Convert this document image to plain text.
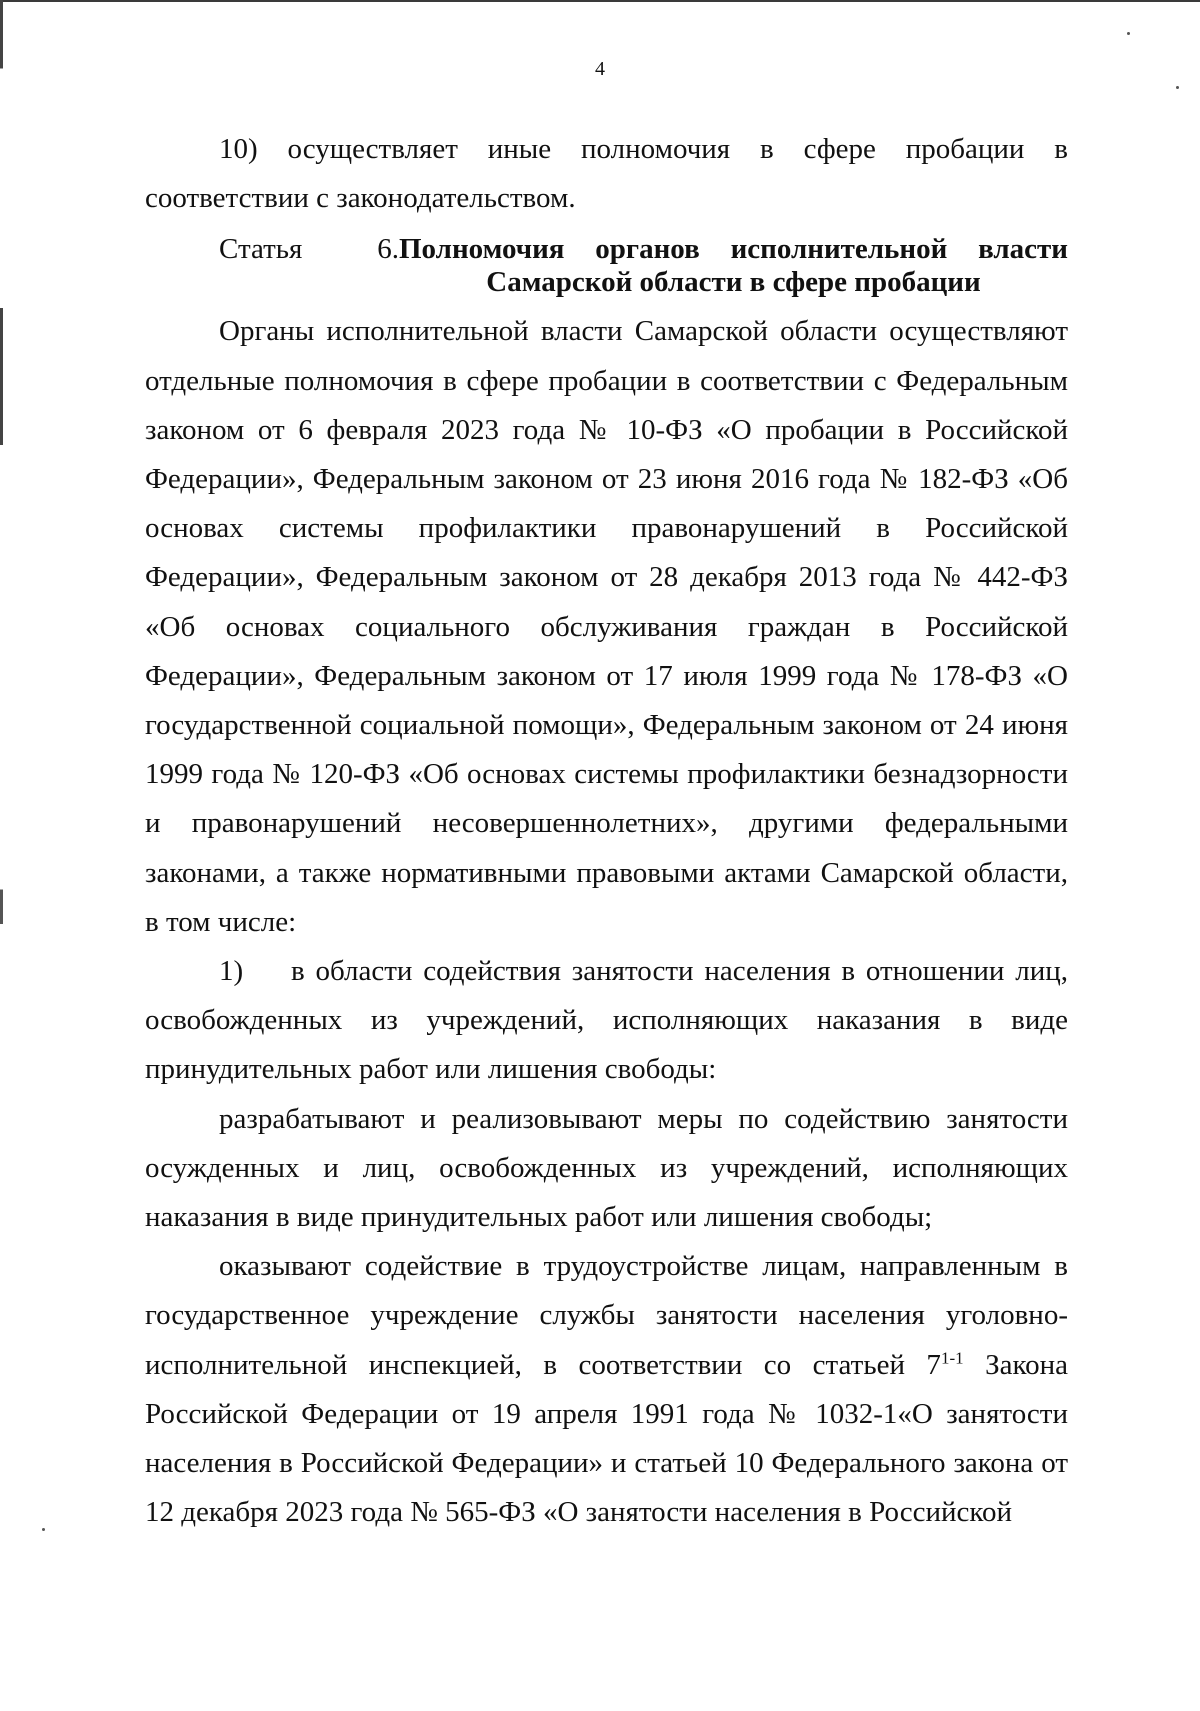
4

10) осуществляет иные полномочия в сфере пробации в соответствии с законодательством.

Статья	6. Полномочия органов исполнительной власти Самарской области в сфере пробации

Органы исполнительной власти Самарской области осуществляют отдельные полномочия в сфере пробации в соответствии с Федеральным законом от 6 февраля 2023 года № 10-ФЗ «О пробации в Российской Федерации», Федеральным законом от 23 июня 2016 года № 182-ФЗ «Об основах системы профилактики правонарушений в Российской Федерации», Федеральным законом от 28 декабря 2013 года № 442-ФЗ «Об основах социального обслуживания граждан в Российской Федерации», Федеральным законом от 17 июля 1999 года № 178-ФЗ «О государственной социальной помощи», Федеральным законом от 24 июня 1999 года № 120-ФЗ «Об основах системы профилактики безнадзорности и правонарушений несовершеннолетних», другими федеральными законами, а также нормативными правовыми актами Самарской области, в том числе:

1) в области содействия занятости населения в отношении лиц, освобожденных из учреждений, исполняющих наказания в виде принудительных работ или лишения свободы:

разрабатывают и реализовывают меры по содействию занятости осужденных и лиц, освобожденных из учреждений, исполняющих наказания в виде принудительных работ или лишения свободы;

оказывают содействие в трудоустройстве лицам, направленным в государственное учреждение службы занятости населения уголовно-исполнительной инспекцией, в соответствии со статьей 7$^{1-1}$ Закона Российской Федерации от 19 апреля 1991 года № 1032-1«О занятости населения в Российской Федерации» и статьей 10 Федерального закона от 12 декабря 2023 года № 565-ФЗ «О занятости населения в Российской
